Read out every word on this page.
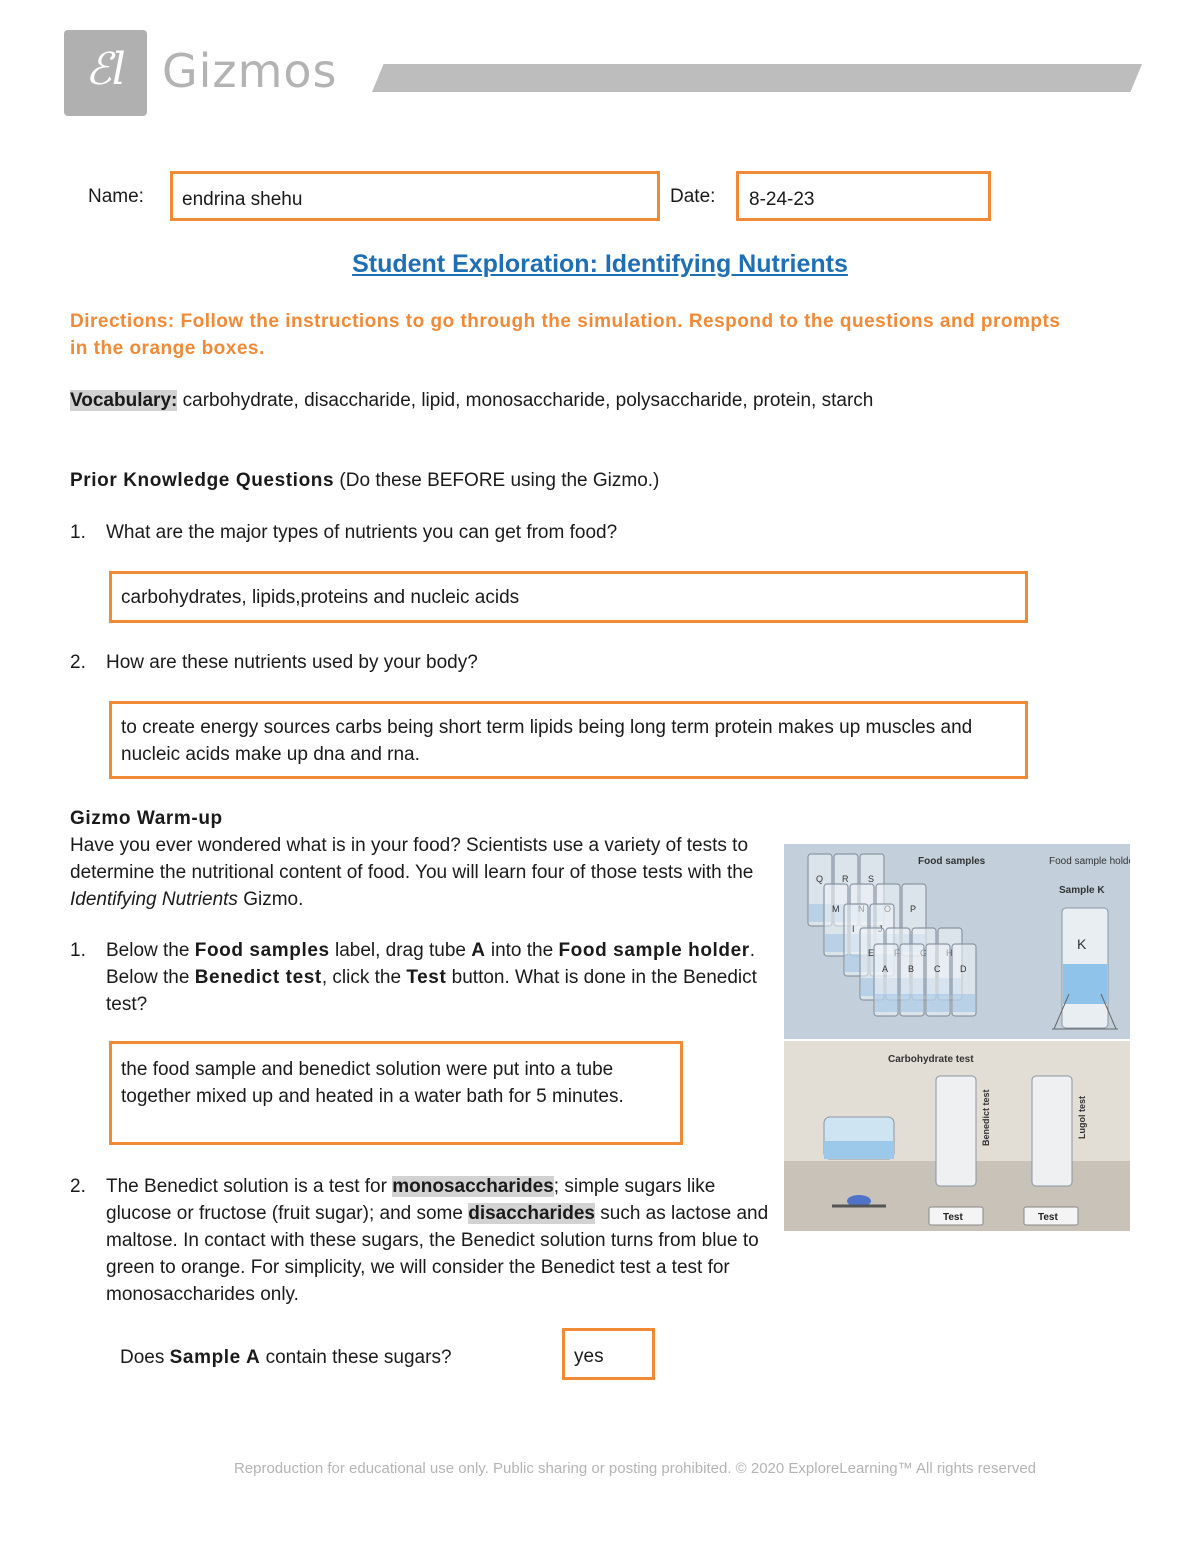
ℰl Gizmos
Name:	endrina shehu	Date:	8-24-23
Student Exploration: Identifying Nutrients
Directions: Follow the instructions to go through the simulation. Respond to the questions and prompts in the orange boxes.
Vocabulary: carbohydrate, disaccharide, lipid, monosaccharide, polysaccharide, protein, starch
Prior Knowledge Questions (Do these BEFORE using the Gizmo.)
1. What are the major types of nutrients you can get from food?
carbohydrates, lipids,proteins and nucleic acids
2. How are these nutrients used by your body?
to create energy sources carbs being short term lipids being long term protein makes up muscles and nucleic acids make up dna and rna.
Gizmo Warm-up
Have you ever wondered what is in your food? Scientists use a variety of tests to determine the nutritional content of food. You will learn four of those tests with the Identifying Nutrients Gizmo.
1.	Below the Food samples label, drag tube A into the Food sample holder. Below the Benedict test, click the Test button. What is done in the Benedict test?
the food sample and benedict solution were put into a tube together mixed up and heated in a water bath for 5 minutes.
2.	The Benedict solution is a test for monosaccharides; simple sugars like glucose or fructose (fruit sugar); and some disaccharides such as lactose and maltose. In contact with these sugars, the Benedict solution turns from blue to green to orange. For simplicity, we will consider the Benedict test a test for monosaccharides only.
Does Sample A contain these sugars?	yes
Q R S
M	P
I
E
A B C D
Food samples	Food sample holder
Sample K
K
Carbohydrate test
Benedict test	Lugol test
Test	Test
Reproduction for educational use only. Public sharing or posting prohibited. © 2020 ExploreLearning™ All rights reserved
